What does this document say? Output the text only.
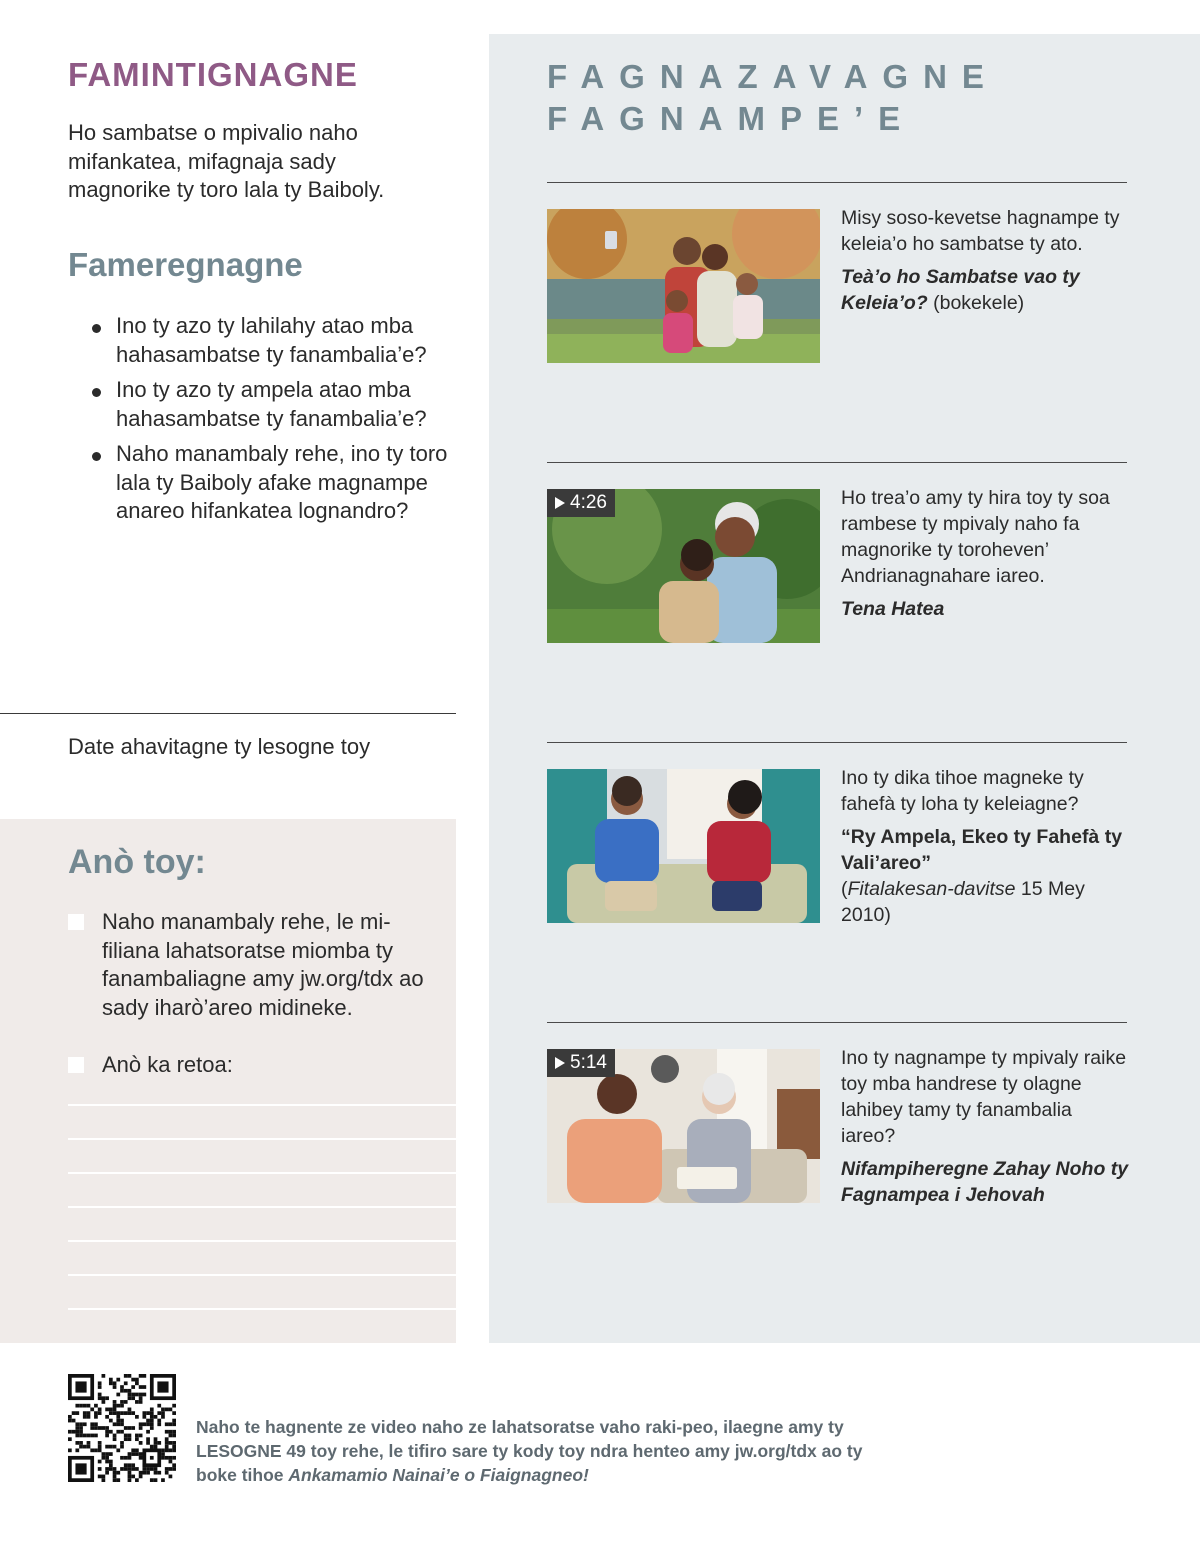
FAMINTIGNAGNE

Ho sambatse o mpivalio naho mifankatea, mifagnaja sady magnorike ty toro lala ty Baiboly.

Fameregnagne
Ino ty azo ty lahilahy atao mba hahasambatse ty fanambalia’e?
Ino ty azo ty ampela atao mba hahasambatse ty fanambalia’e?
Naho manambaly rehe, ino ty toro lala ty Baiboly afake magnampe anareo hifankatea lognandro?
Date ahavitagne ty lesogne toy
Anò toy:
Naho manambaly rehe, le mi-filiana lahatsoratse miomba ty fanambaliagne amy jw.org/tdx ao sady iharò’areo midineke.
Anò ka retoa:
FAGNAZAVAGNE
FAGNAMPE’E
Misy soso-kevetse hagnampe ty keleia’o ho sambatse ty ato.
Teà’o ho Sambatse vao ty Keleia’o? (bokekele)
4:26	Ho trea’o amy ty hira toy ty soa rambese ty mpivaly naho fa magnorike ty toroheven’ Andrianagnahare iareo.
Tena Hatea
Ino ty dika tihoe magneke ty fahefà ty loha ty keleiagne?
“Ry Ampela, Ekeo ty Fahefà ty Vali’areo”
(Fitalakesan-davitse 15 Mey 2010)
5:14	Ino ty nagnampe ty mpivaly raike toy mba handrese ty olagne lahibey tamy ty fanambalia iareo?
Nifampiheregne Zahay Noho ty Fagnampea i Jehovah

Naho te hagnente ze video naho ze lahatsoratse vaho raki-peo, ilaegne amy ty LESOGNE 49 toy rehe, le tifiro sare ty kody toy ndra henteo amy jw.org/tdx ao ty boke tihoe Ankamamio Nainai’e o Fiaignagneo!
